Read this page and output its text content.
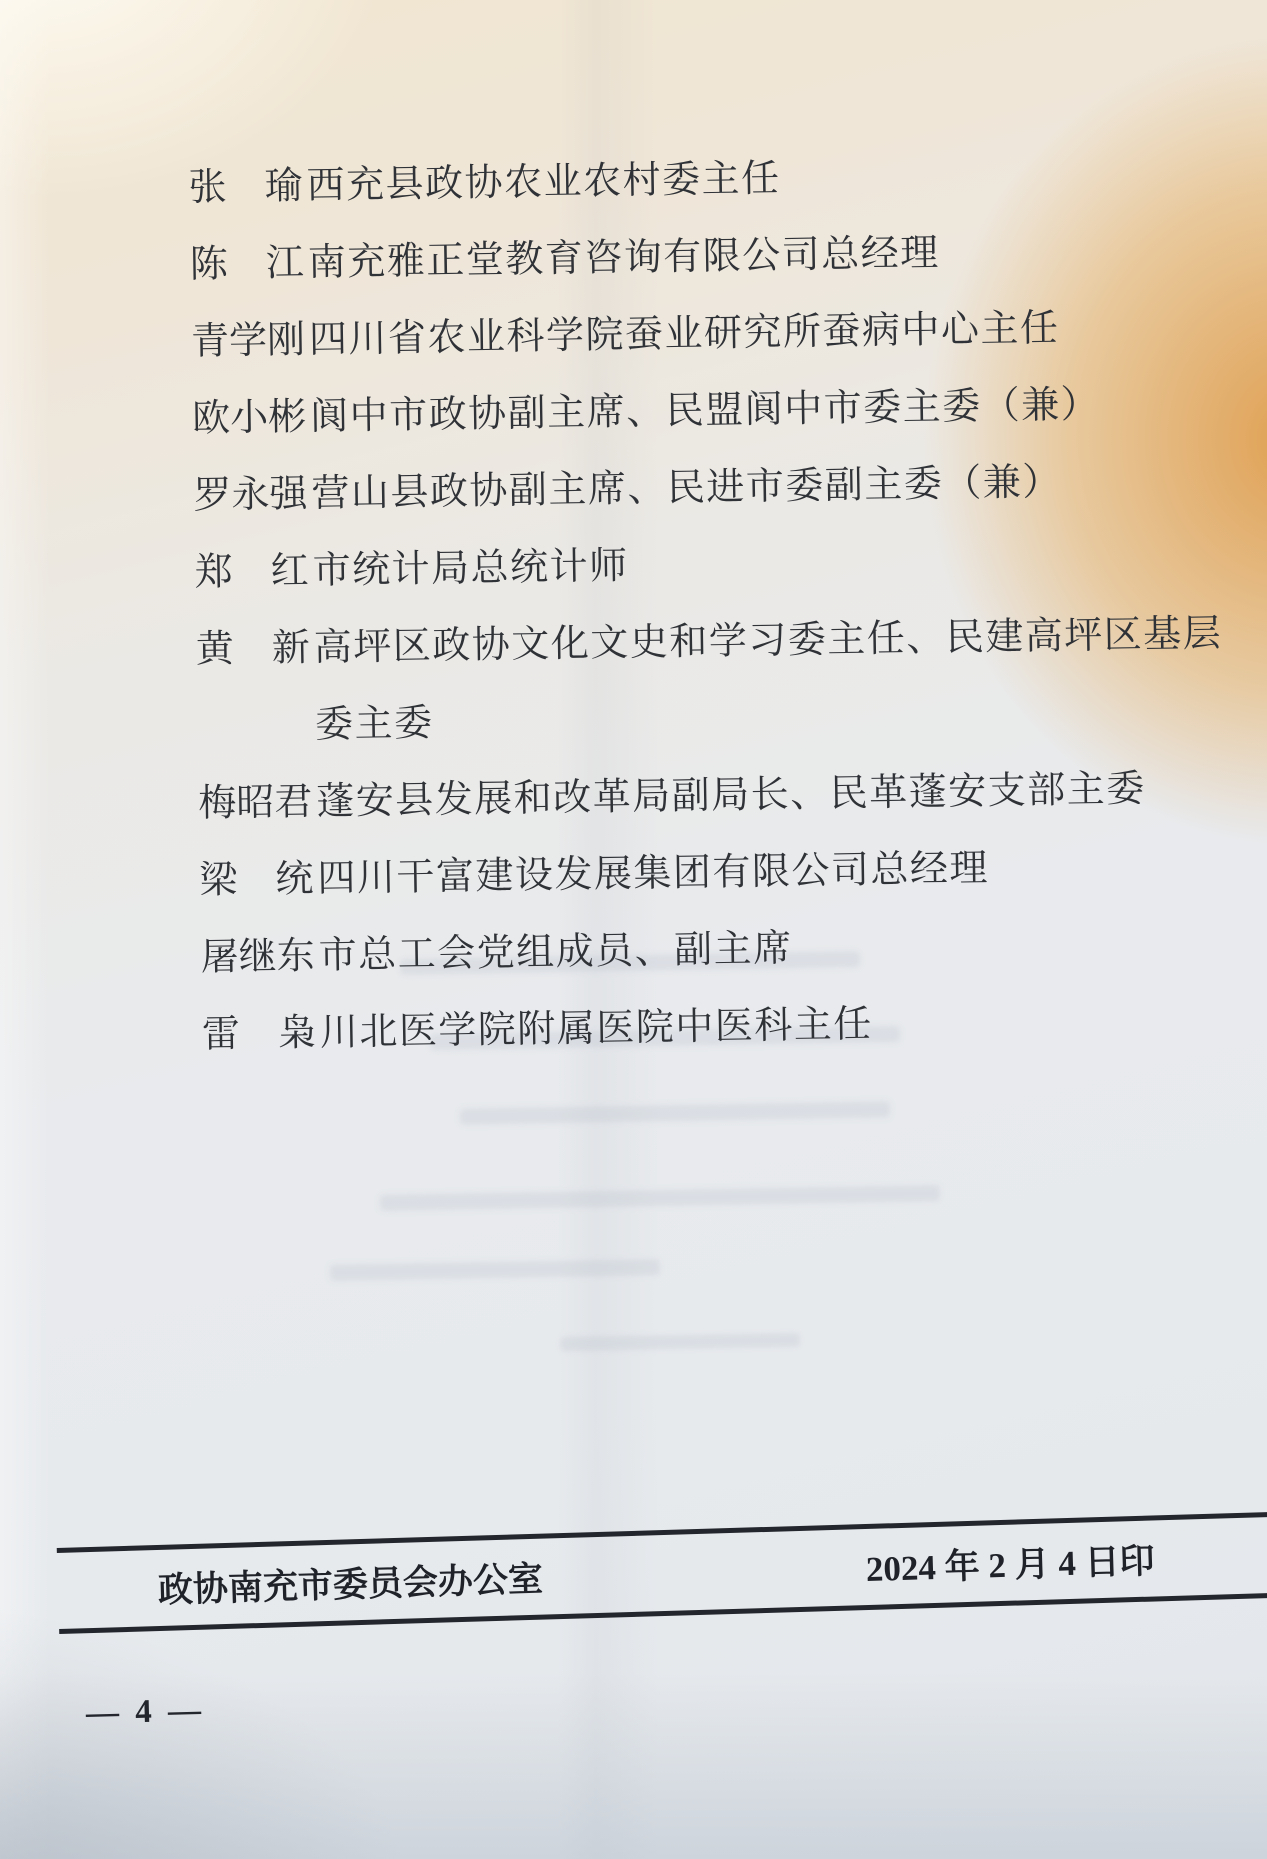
张　瑜 西充县政协农业农村委主任
陈　江 南充雅正堂教育咨询有限公司总经理
青学刚 四川省农业科学院蚕业研究所蚕病中心主任
欧小彬 阆中市政协副主席、民盟阆中市委主委（兼）
罗永强 营山县政协副主席、民进市委副主委（兼）
郑　红 市统计局总统计师
黄　新 高坪区政协文化文史和学习委主任、民建高坪区基层委主委
梅昭君 蓬安县发展和改革局副局长、民革蓬安支部主委
梁　统 四川干富建设发展集团有限公司总经理
屠继东 市总工会党组成员、副主席
雷　枭 川北医学院附属医院中医科主任
政协南充市委员会办公室	2024 年 2 月 4 日印
— 4 —
